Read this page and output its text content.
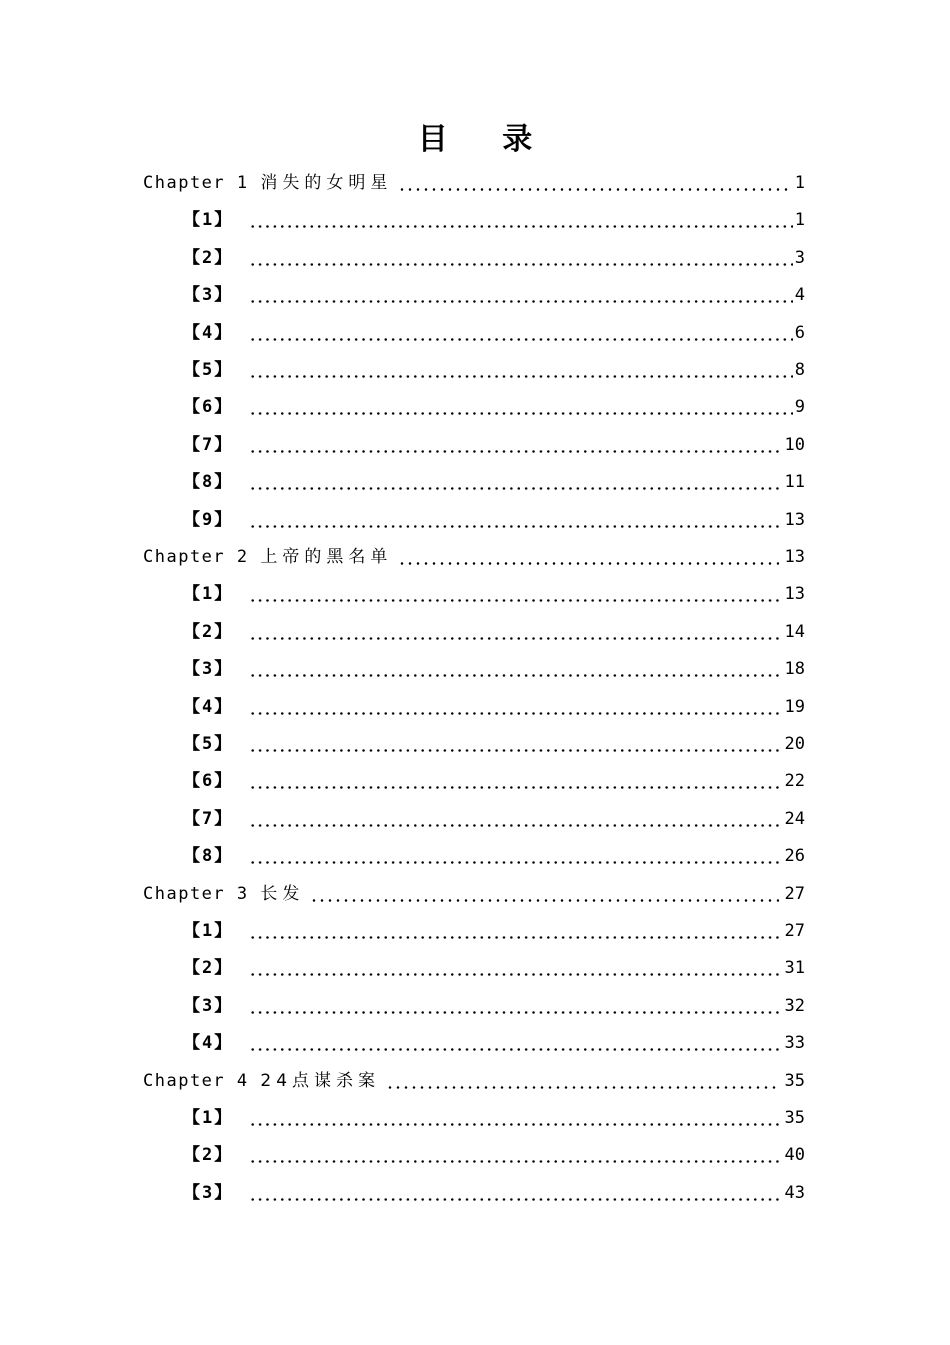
目 录
Chapter 1 消失的女明星	1
【1】	1
【2】	3
【3】	4
【4】	6
【5】	8
【6】	9
【7】	10
【8】	11
【9】	13
Chapter 2 上帝的黑名单	13
【1】	13
【2】	14
【3】	18
【4】	19
【5】	20
【6】	22
【7】	24
【8】	26
Chapter 3 长发	27
【1】	27
【2】	31
【3】	32
【4】	33
Chapter 4 24点谋杀案	35
【1】	35
【2】	40
【3】	43
